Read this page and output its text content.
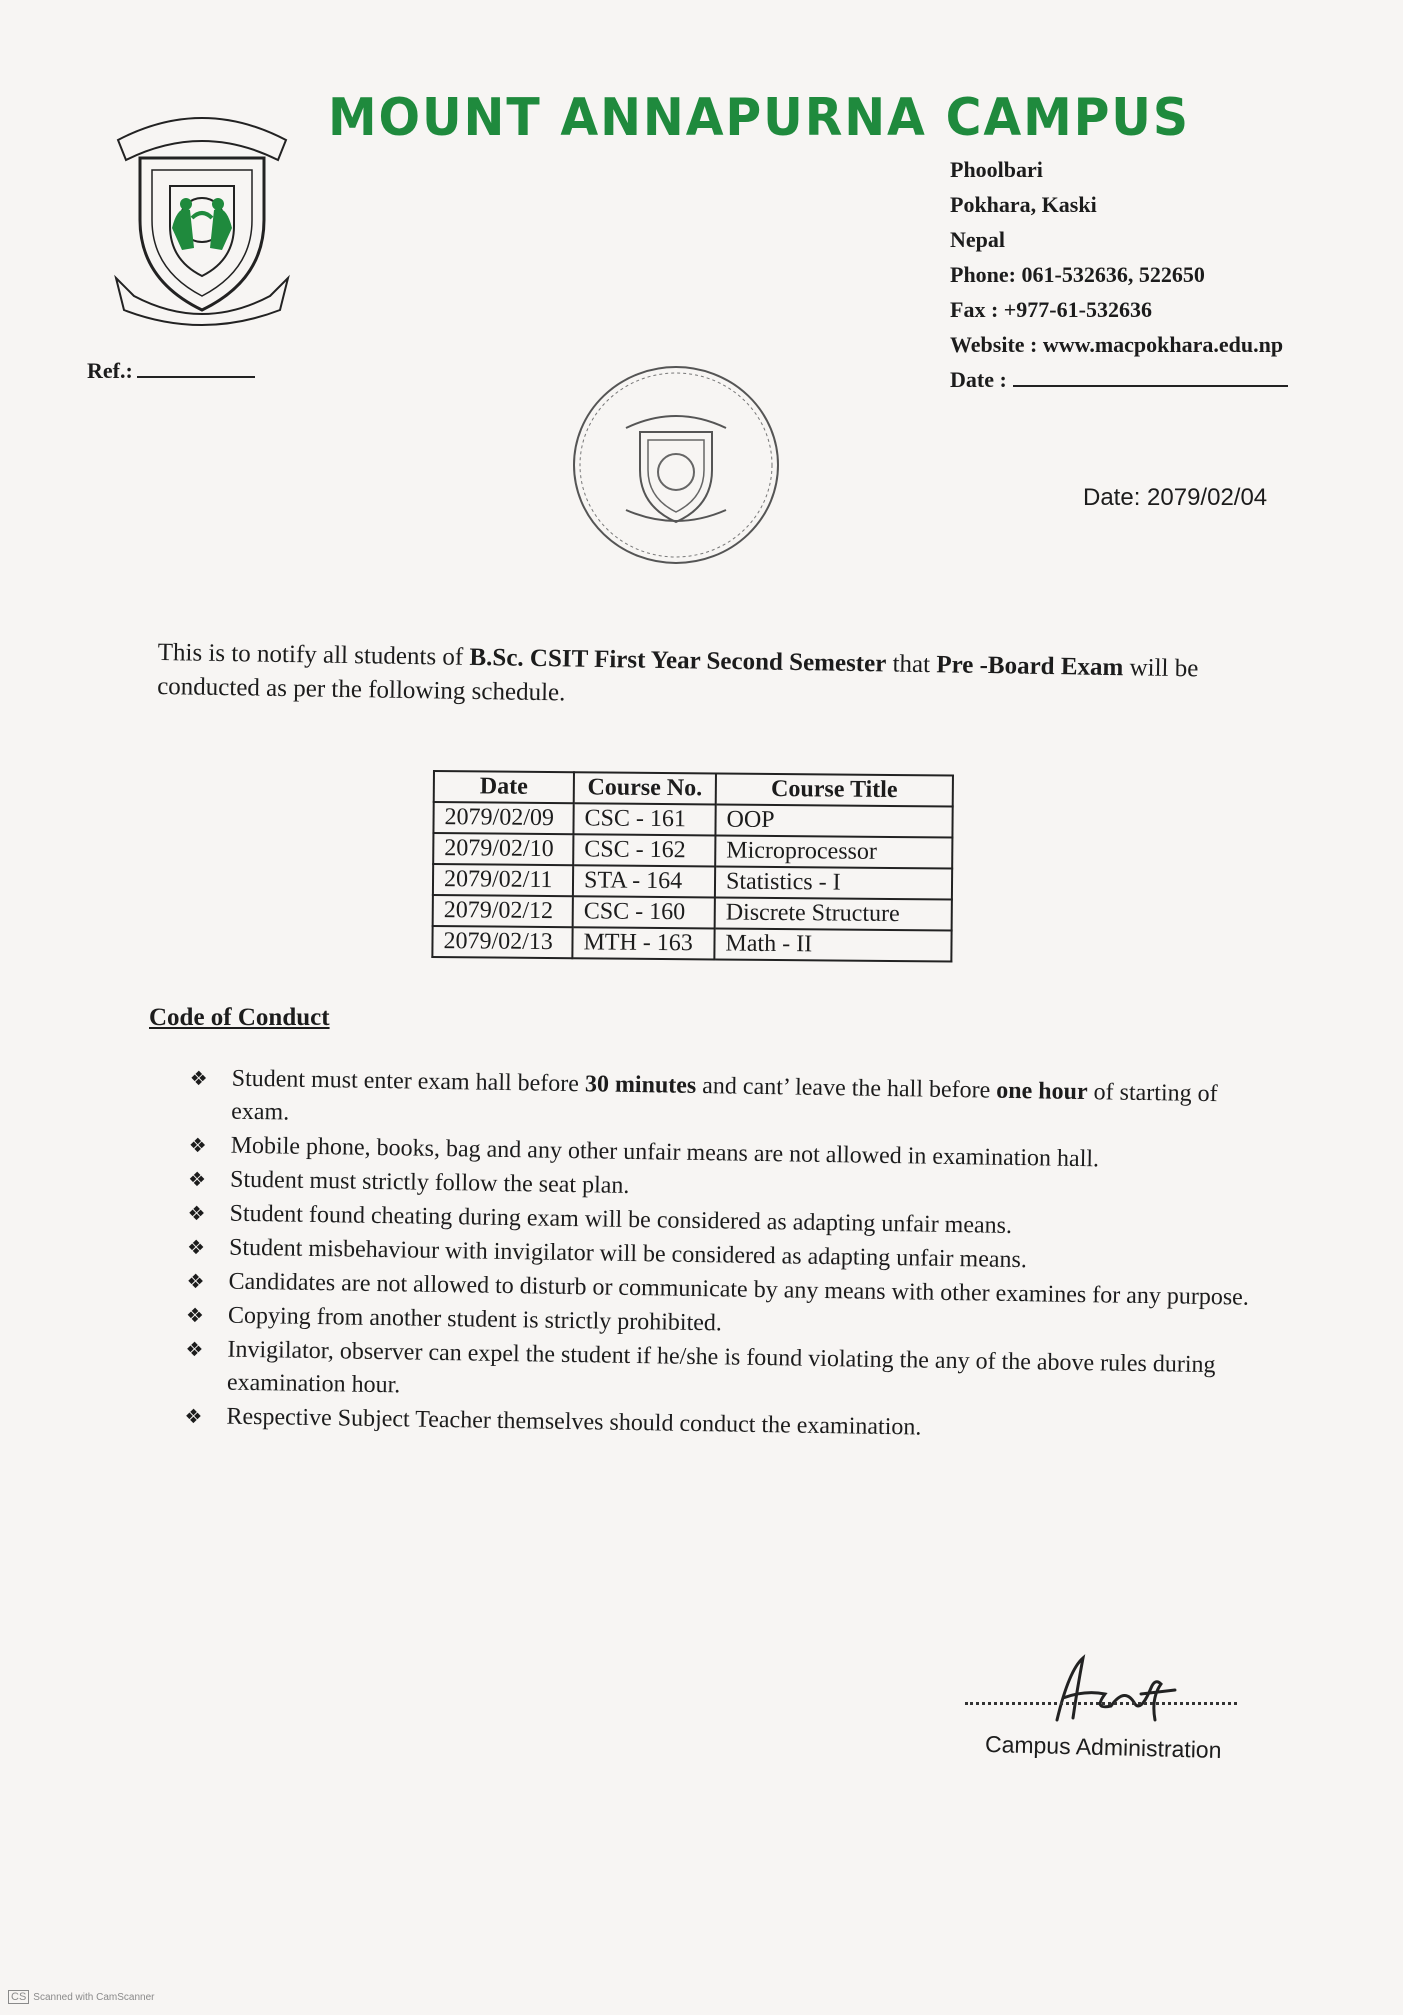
MOUNT ANNAPURNA CAMPUS
Ref.:
Phoolbari
Pokhara, Kaski
Nepal
Phone: 061-532636, 522650
Fax : +977-61-532636
Website : www.macpokhara.edu.np
Date :
Date: 2079/02/04

This is to notify all students of B.Sc. CSIT First Year Second Semester that Pre -Board Exam will be conducted as per the following schedule.

Date	Course No.	Course Title
2079/02/09	CSC - 161	OOP
2079/02/10	CSC - 162	Microprocessor
2079/02/11	STA - 164	Statistics - I
2079/02/12	CSC - 160	Discrete Structure
2079/02/13	MTH - 163	Math - II
Code of Conduct
❖ Student must enter exam hall before 30 minutes and cant’ leave the hall before one hour of starting of exam.
❖ Mobile phone, books, bag and any other unfair means are not allowed in examination hall.
❖ Student must strictly follow the seat plan.
❖ Student found cheating during exam will be considered as adapting unfair means.
❖ Student misbehaviour with invigilator will be considered as adapting unfair means.
❖ Candidates are not allowed to disturb or communicate by any means with other examines for any purpose.
❖ Copying from another student is strictly prohibited.
❖ Invigilator, observer can expel the student if he/she is found violating the any of the above rules during examination hour.
❖ Respective Subject Teacher themselves should conduct the examination.
Campus Administration
CS Scanned with CamScanner
